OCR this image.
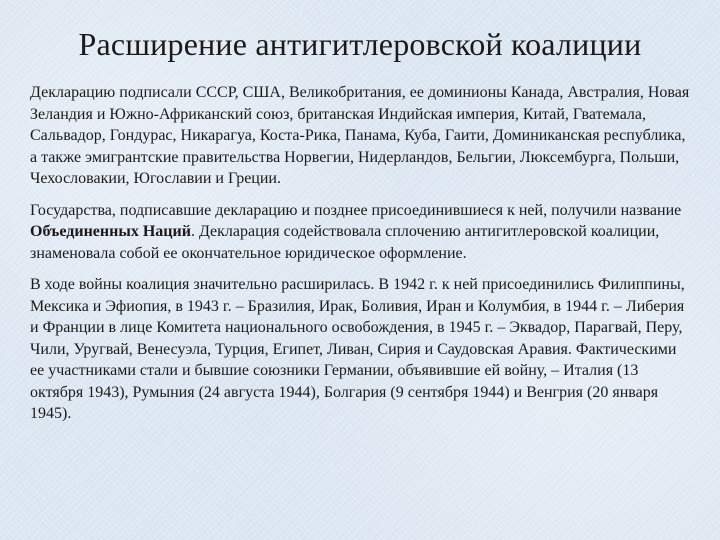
Расширение антигитлеровской коалиции

Декларацию подписали СССР, США, Великобритания, ее доминионы Канада, Австралия, Новая Зеландия и Южно-Африканский союз, британская Индийская империя, Китай, Гватемала, Сальвадор, Гондурас, Никарагуа, Коста-Рика, Панама, Куба, Гаити, Доминиканская республика, а также эмигрантские правительства Норвегии, Нидерландов, Бельгии, Люксембурга, Польши, Чехословакии, Югославии и Греции.

Государства, подписавшие декларацию и позднее присоединившиеся к ней, получили название Объединенных Наций. Декларация содействовала сплочению антигитлеровской коалиции, знаменовала собой ее окончательное юридическое оформление.

В ходе войны коалиция значительно расширилась. В 1942 г. к ней присоединились Филиппины, Мексика и Эфиопия, в 1943 г. – Бразилия, Ирак, Боливия, Иран и Колумбия, в 1944 г. – Либерия и Франции в лице Комитета национального освобождения, в 1945 г. – Эквадор, Парагвай, Перу, Чили, Уругвай, Венесуэла, Турция, Египет, Ливан, Сирия и Саудовская Аравия. Фактическими ее участниками стали и бывшие союзники Германии, объявившие ей войну, – Италия (13 октября 1943), Румыния (24 августа 1944), Болгария (9 сентября 1944) и Венгрия (20 января 1945).
